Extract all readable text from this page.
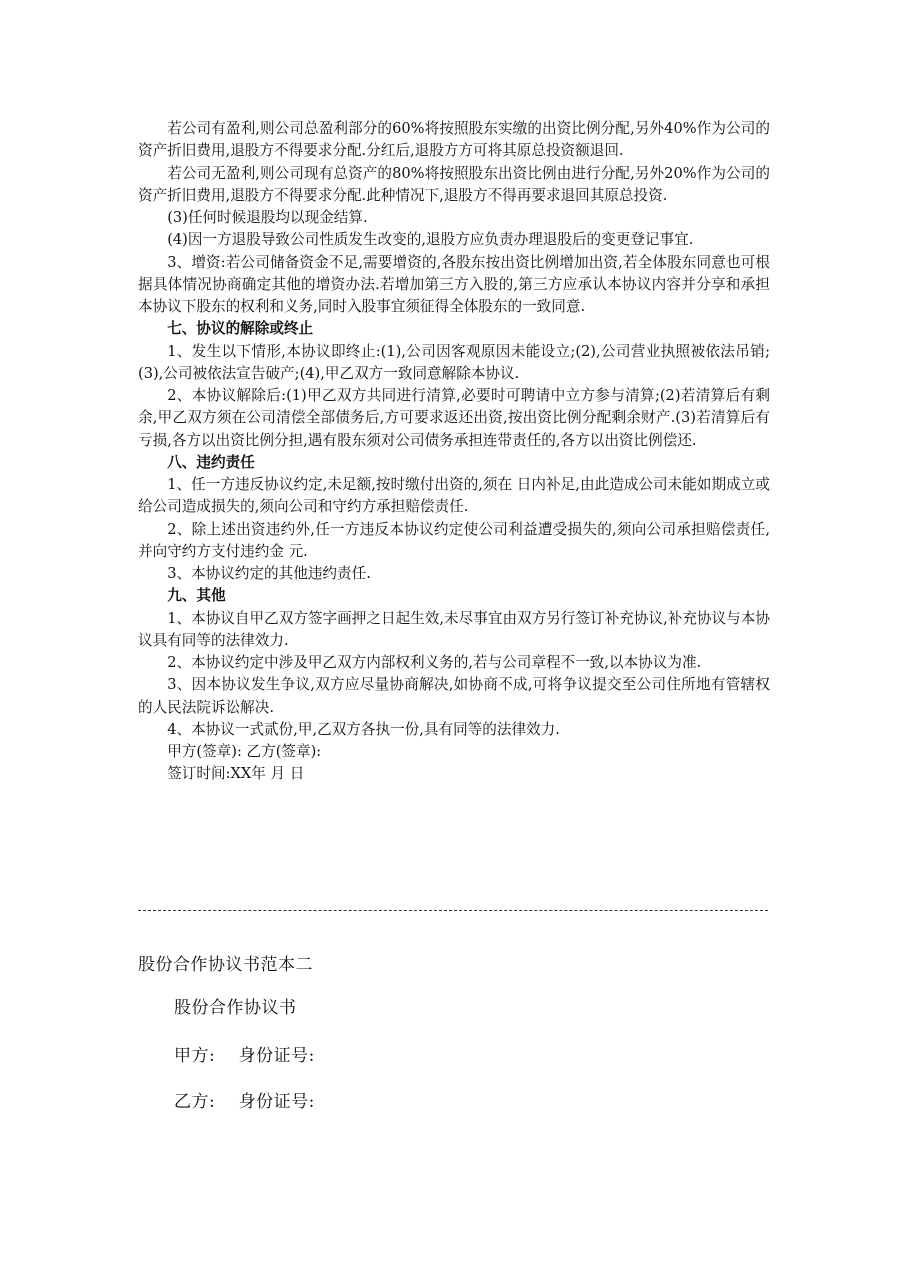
若公司有盈利,则公司总盈利部分的60%将按照股东实缴的出资比例分配,另外40%作为公司的资产折旧费用,退股方不得要求分配.分红后,退股方方可将其原总投资额退回.

若公司无盈利,则公司现有总资产的80%将按照股东出资比例由进行分配,另外20%作为公司的资产折旧费用,退股方不得要求分配.此种情况下,退股方不得再要求退回其原总投资.

(3)任何时候退股均以现金结算.

(4)因一方退股导致公司性质发生改变的,退股方应负责办理退股后的变更登记事宜.

3、增资:若公司储备资金不足,需要增资的,各股东按出资比例增加出资,若全体股东同意也可根据具体情况协商确定其他的增资办法.若增加第三方入股的,第三方应承认本协议内容并分享和承担本协议下股东的权利和义务,同时入股事宜须征得全体股东的一致同意.

七、协议的解除或终止

1、发生以下情形,本协议即终止:(1),公司因客观原因未能设立;(2),公司营业执照被依法吊销;(3),公司被依法宣告破产;(4),甲乙双方一致同意解除本协议.

2、本协议解除后:(1)甲乙双方共同进行清算,必要时可聘请中立方参与清算;(2)若清算后有剩余,甲乙双方须在公司清偿全部债务后,方可要求返还出资,按出资比例分配剩余财产.(3)若清算后有亏损,各方以出资比例分担,遇有股东须对公司债务承担连带责任的,各方以出资比例偿还.

八、违约责任

1、任一方违反协议约定,未足额,按时缴付出资的,须在 日内补足,由此造成公司未能如期成立或给公司造成损失的,须向公司和守约方承担赔偿责任.

2、除上述出资违约外,任一方违反本协议约定使公司利益遭受损失的,须向公司承担赔偿责任,并向守约方支付违约金 元.

3、本协议约定的其他违约责任.

九、其他

1、本协议自甲乙双方签字画押之日起生效,未尽事宜由双方另行签订补充协议,补充协议与本协议具有同等的法律效力.

2、本协议约定中涉及甲乙双方内部权利义务的,若与公司章程不一致,以本协议为准.

3、因本协议发生争议,双方应尽量协商解决,如协商不成,可将争议提交至公司住所地有管辖权的人民法院诉讼解决.

4、本协议一式贰份,甲,乙双方各执一份,具有同等的法律效力.

甲方(签章): 乙方(签章):

签订时间:XX年 月 日

股份合作协议书范本二

股份合作协议书

甲方:　 身份证号:

乙方:　 身份证号:
